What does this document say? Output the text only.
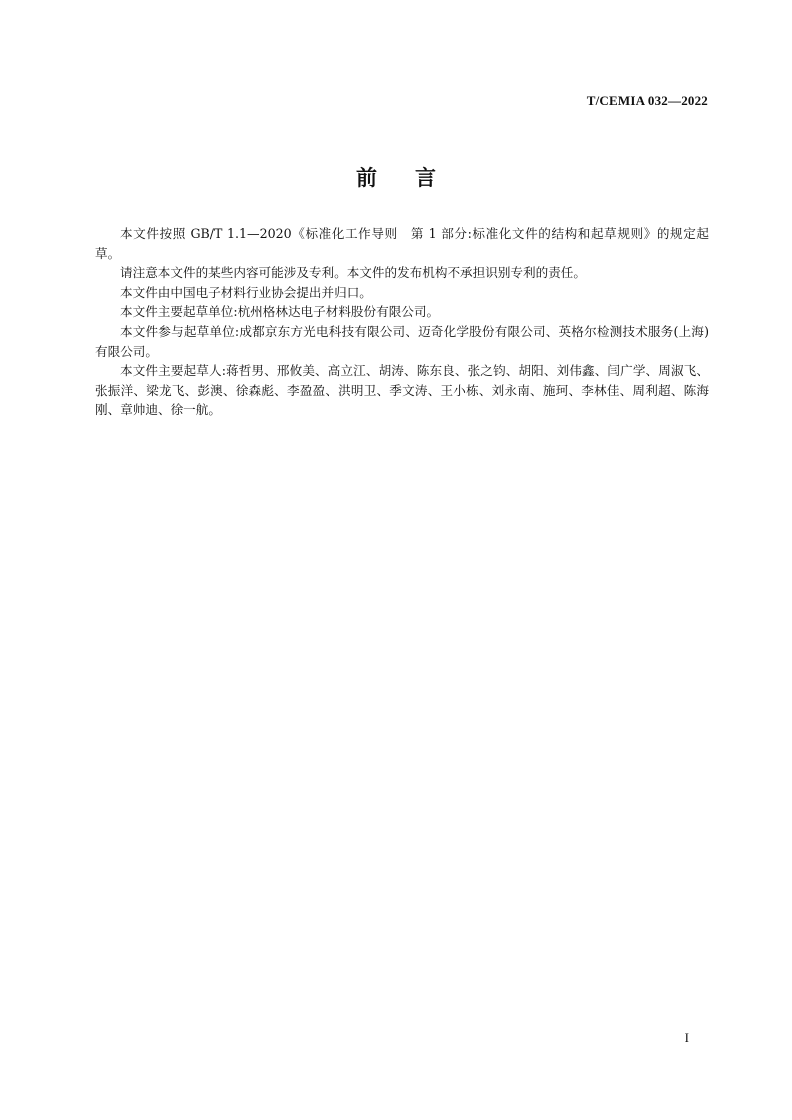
T/CEMIA 032—2022
前 言

本文件按照 GB/T 1.1—2020《标准化工作导则　第 1 部分:标准化文件的结构和起草规则》的规定起草。

请注意本文件的某些内容可能涉及专利。本文件的发布机构不承担识别专利的责任。

本文件由中国电子材料行业协会提出并归口。

本文件主要起草单位:杭州格林达电子材料股份有限公司。

本文件参与起草单位:成都京东方光电科技有限公司、迈奇化学股份有限公司、英格尔检测技术服务(上海)有限公司。

本文件主要起草人:蒋哲男、邢攸美、高立江、胡涛、陈东良、张之钧、胡阳、刘伟鑫、闫广学、周淑飞、张振洋、梁龙飞、彭澳、徐森彪、李盈盈、洪明卫、季文涛、王小栋、刘永南、施珂、李林佳、周利超、陈海刚、章帅迪、徐一航。

I
